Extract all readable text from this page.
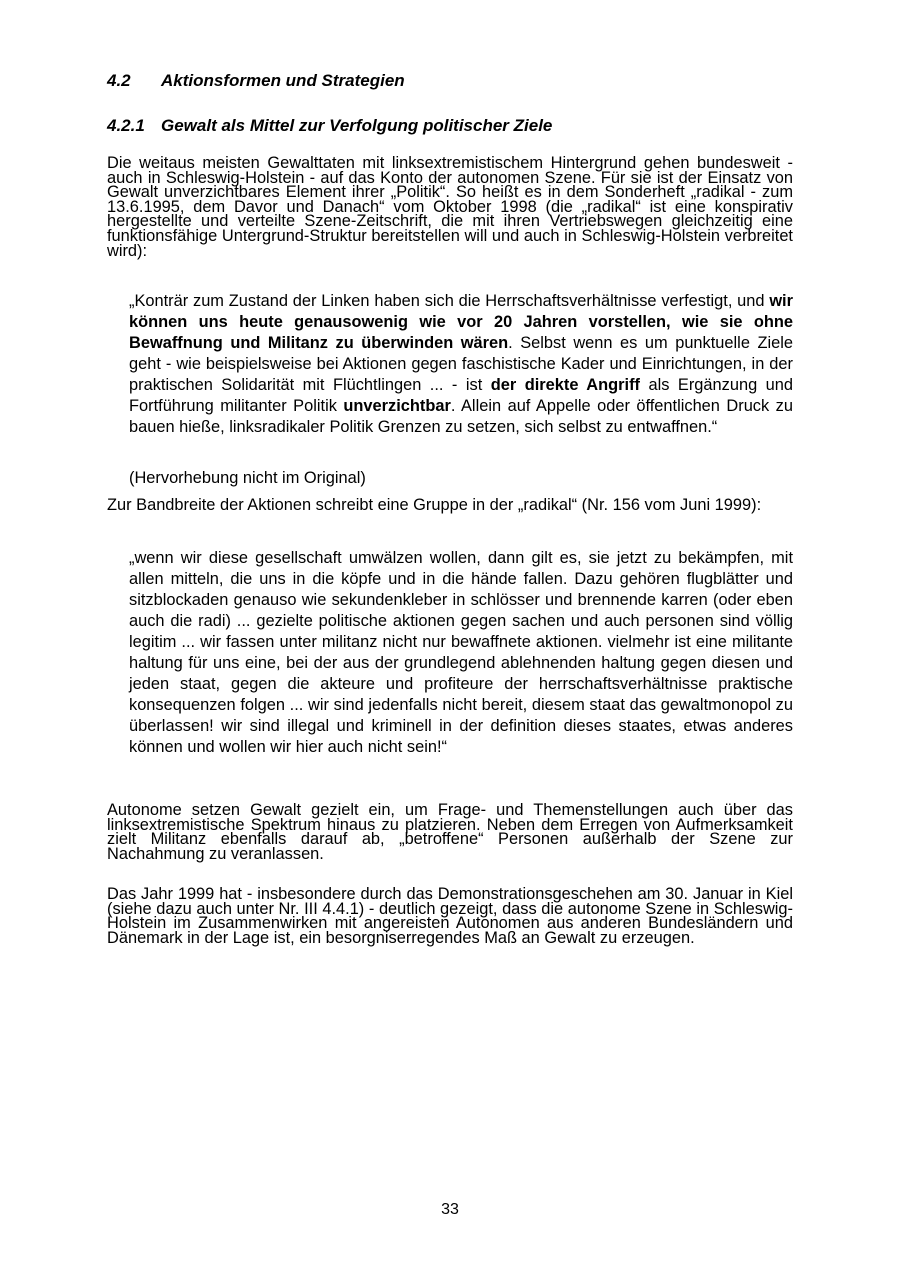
4.2 Aktionsformen und Strategien
4.2.1 Gewalt als Mittel zur Verfolgung politischer Ziele

Die weitaus meisten Gewalttaten mit linksextremistischem Hintergrund gehen bundesweit - auch in Schleswig-Holstein - auf das Konto der autonomen Szene. Für sie ist der Einsatz von Gewalt unverzichtbares Element ihrer „Politik“. So heißt es in dem Sonderheft „radikal - zum 13.6.1995, dem Davor und Danach“ vom Oktober 1998 (die „radikal“ ist eine konspirativ hergestellte und verteilte Szene-Zeitschrift, die mit ihren Vertriebswegen gleichzeitig eine funktionsfähige Untergrund-Struktur bereitstellen will und auch in Schleswig-Holstein verbreitet wird):

„Konträr zum Zustand der Linken haben sich die Herrschaftsverhältnisse verfestigt, und wir können uns heute genausowenig wie vor 20 Jahren vorstellen, wie sie ohne Bewaffnung und Militanz zu überwinden wären. Selbst wenn es um punktuelle Ziele geht - wie beispielsweise bei Aktionen gegen faschistische Kader und Einrichtungen, in der praktischen Solidarität mit Flüchtlingen ... - ist der direkte Angriff als Ergänzung und Fortführung militanter Politik unverzichtbar. Allein auf Appelle oder öffentlichen Druck zu bauen hieße, linksradikaler Politik Grenzen zu setzen, sich selbst zu entwaffnen.“

(Hervorhebung nicht im Original)

Zur Bandbreite der Aktionen schreibt eine Gruppe in der „radikal“ (Nr. 156 vom Juni 1999):

„wenn wir diese gesellschaft umwälzen wollen, dann gilt es, sie jetzt zu bekämpfen, mit allen mitteln, die uns in die köpfe und in die hände fallen. Dazu gehören flugblätter und sitzblockaden genauso wie sekundenkleber in schlösser und brennende karren (oder eben auch die radi) ... gezielte politische aktionen gegen sachen und auch personen sind völlig legitim ... wir fassen unter militanz nicht nur bewaffnete aktionen. vielmehr ist eine militante haltung für uns eine, bei der aus der grundlegend ablehnenden haltung gegen diesen und jeden staat, gegen die akteure und profiteure der herrschaftsverhältnisse praktische konsequenzen folgen ... wir sind jedenfalls nicht bereit, diesem staat das gewaltmonopol zu überlassen! wir sind illegal und kriminell in der definition dieses staates, etwas anderes können und wollen wir hier auch nicht sein!“

Autonome setzen Gewalt gezielt ein, um Frage- und Themenstellungen auch über das linksextremistische Spektrum hinaus zu platzieren. Neben dem Erregen von Aufmerksamkeit zielt Militanz ebenfalls darauf ab, „betroffene“ Personen außerhalb der Szene zur Nachahmung zu veranlassen.

Das Jahr 1999 hat - insbesondere durch das Demonstrationsgeschehen am 30. Januar in Kiel (siehe dazu auch unter Nr. III 4.4.1) - deutlich gezeigt, dass die autonome Szene in Schleswig-Holstein im Zusammenwirken mit angereisten Autonomen aus anderen Bundesländern und Dänemark in der Lage ist, ein besorgniserregendes Maß an Gewalt zu erzeugen.

33
